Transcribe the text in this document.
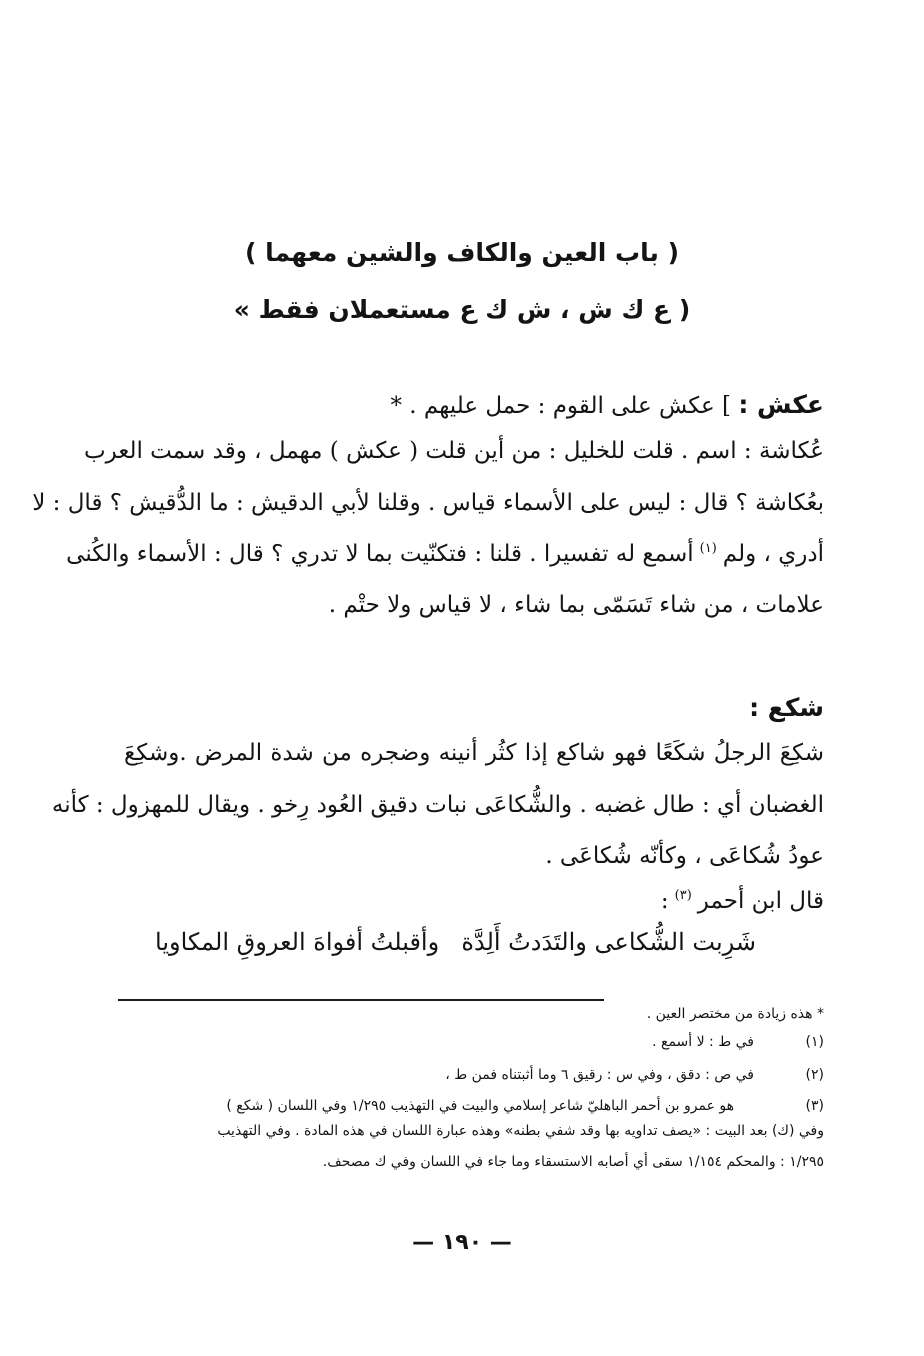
( باب العين والكاف والشين معهما )
( ع ك ش ، ش ك ع مستعملان فقط »
عكش : ] عكش على القوم : حمل عليهم . *
عُكاشة : اسم . قلت للخليل : من أين قلت ( عكش ) مهمل ، وقد سمت العرب
بعُكاشة ؟ قال : ليس على الأسماء قياس . وقلنا لأبي الدقيش : ما الدُّقيش ؟ قال : لا
أدري ، ولم$^{(١)}$أسمع له تفسيرا . قلنا : فتكنّيت بما لا تدري ؟ قال : الأسماء والكُنى
علامات ، من شاء تَسَمّى بما شاء ، لا قياس ولا حتْم .
شكع :
شكِعَ الرجلُ شكَعًا فهو شاكع إذا كثُر أنينه وضجره من شدة المرض .وشكِعَ
الغضبان أي : طال غضبه . والشُّكاعَى نبات دقيق العُود رِخو . ويقال للمهزول : كأنه
عودُ شُكاعَى ، وكأنّه شُكاعَى .
قال ابن أحمر$^{(٣)}$:
شَرِبت الشُّكاعى والتَدَدتُ أَلِدَّة
وأقبلتُ أفواهَ العروقِ المكاويا
* هذه زيادة من مختصر العين .
(١)
في ط : لا أسمع .
(٢)
في ص : دقق ، وفي س : رقيق ٦ وما أثبتناه فمن ط ،
(٣)
هو عمرو بن أحمر الباهليّ شاعر إسلامي والبيت في التهذيب ١/٢٩٥ وفي اللسان ( شكع )
وفي (ك) بعد البيت : «يصف تداويه بها وقد شفي بطنه» وهذه عبارة اللسان في هذه المادة . وفي التهذيب
١/٢٩٥ : والمحكم ١/١٥٤ سقى أي أصابه الاستسقاء وما جاء في اللسان وفي ك مصحف.
— ١٩٠ —
